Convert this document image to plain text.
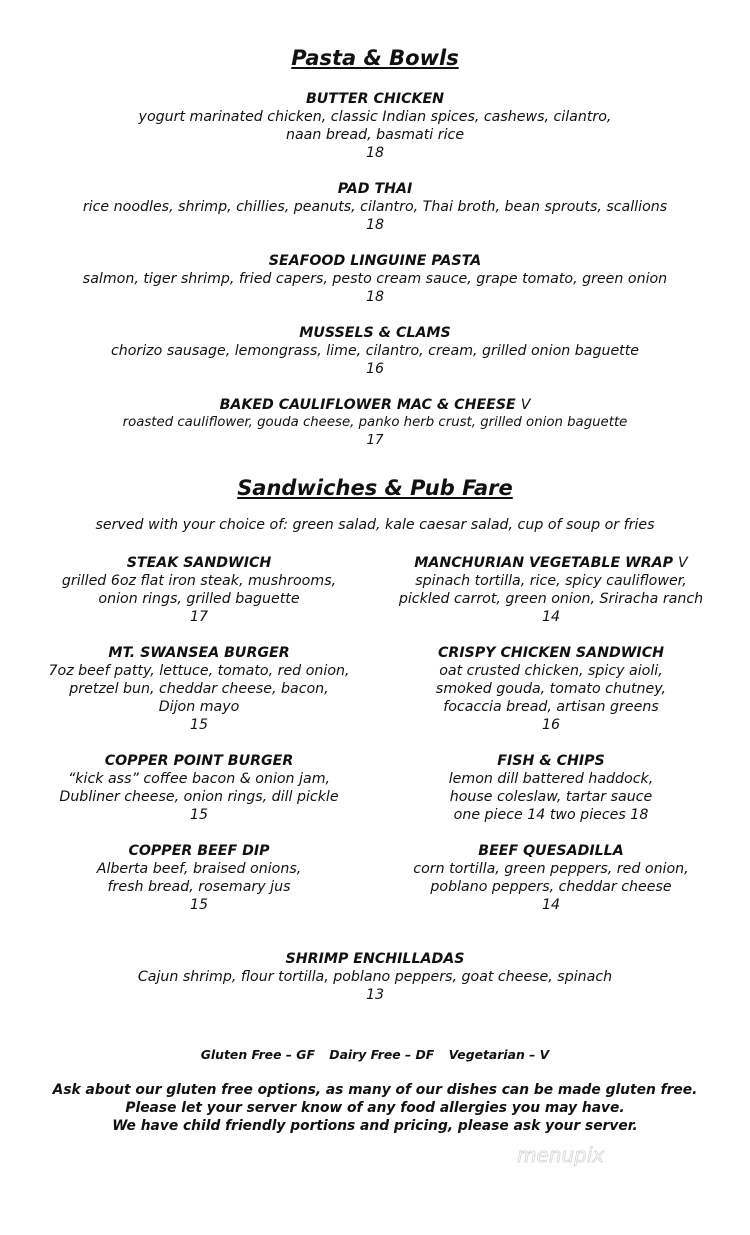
Pasta & Bowls
BUTTER CHICKEN
yogurt marinated chicken, classic Indian spices, cashews, cilantro,
naan bread, basmati rice
18
PAD THAI
rice noodles, shrimp, chillies, peanuts, cilantro, Thai broth, bean sprouts, scallions
18
SEAFOOD LINGUINE PASTA
salmon, tiger shrimp, fried capers, pesto cream sauce, grape tomato, green onion
18
MUSSELS & CLAMS
chorizo sausage, lemongrass, lime, cilantro, cream, grilled onion baguette
16
BAKED CAULIFLOWER MAC & CHEESE V
roasted cauliflower, gouda cheese, panko herb crust, grilled onion baguette
17
Sandwiches & Pub Fare
served with your choice of: green salad, kale caesar salad, cup of soup or fries
STEAK SANDWICH
grilled 6oz flat iron steak, mushrooms,
onion rings, grilled baguette
17
MT. SWANSEA BURGER
7oz beef patty, lettuce, tomato, red onion,
pretzel bun, cheddar cheese, bacon,
Dijon mayo
15
COPPER POINT BURGER
“kick ass” coffee bacon & onion jam,
Dubliner cheese, onion rings, dill pickle
15
COPPER BEEF DIP
Alberta beef, braised onions,
fresh bread, rosemary jus
15
MANCHURIAN VEGETABLE WRAP V
spinach tortilla, rice, spicy cauliflower,
pickled carrot, green onion, Sriracha ranch
14
CRISPY CHICKEN SANDWICH
oat crusted chicken, spicy aioli,
smoked gouda, tomato chutney,
focaccia bread, artisan greens
16
FISH & CHIPS
lemon dill battered haddock,
house coleslaw, tartar sauce
one piece 14 two pieces 18
BEEF QUESADILLA
corn tortilla, green peppers, red onion,
poblano peppers, cheddar cheese
14
SHRIMP ENCHILLADAS
Cajun shrimp, flour tortilla, poblano peppers, goat cheese, spinach
13
Gluten Free – GF Dairy Free – DF Vegetarian – V
Ask about our gluten free options, as many of our dishes can be made gluten free.
Please let your server know of any food allergies you may have.
We have child friendly portions and pricing, please ask your server.
menupix
